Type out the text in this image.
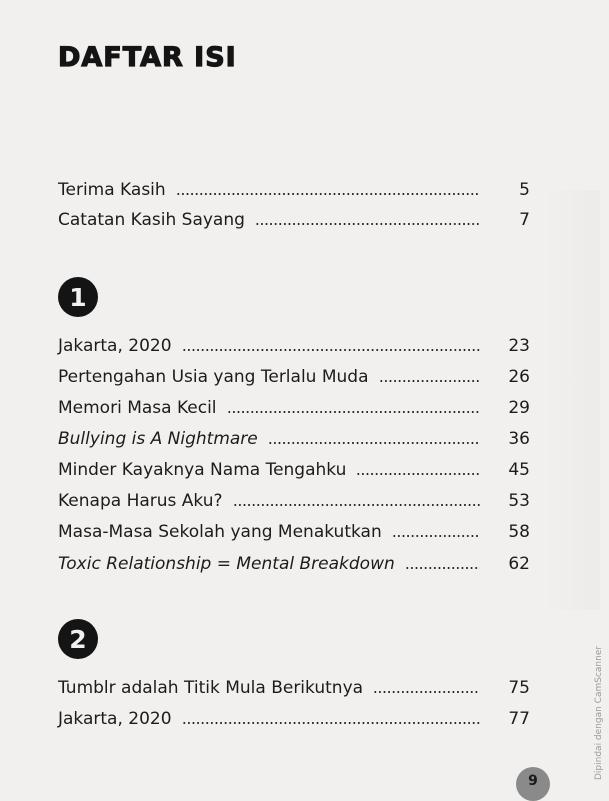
DAFTAR ISI
Terima Kasih	5
Catatan Kasih Sayang	7
1
Jakarta, 2020	23
Pertengahan Usia yang Terlalu Muda	26
Memori Masa Kecil	29
Bullying is A Nightmare	36
Minder Kayaknya Nama Tengahku	45
Kenapa Harus Aku?	53
Masa-Masa Sekolah yang Menakutkan	58
Toxic Relationship = Mental Breakdown	62
2
Tumblr adalah Titik Mula Berikutnya	75
Jakarta, 2020	77
9
Dipindai dengan CamScanner
